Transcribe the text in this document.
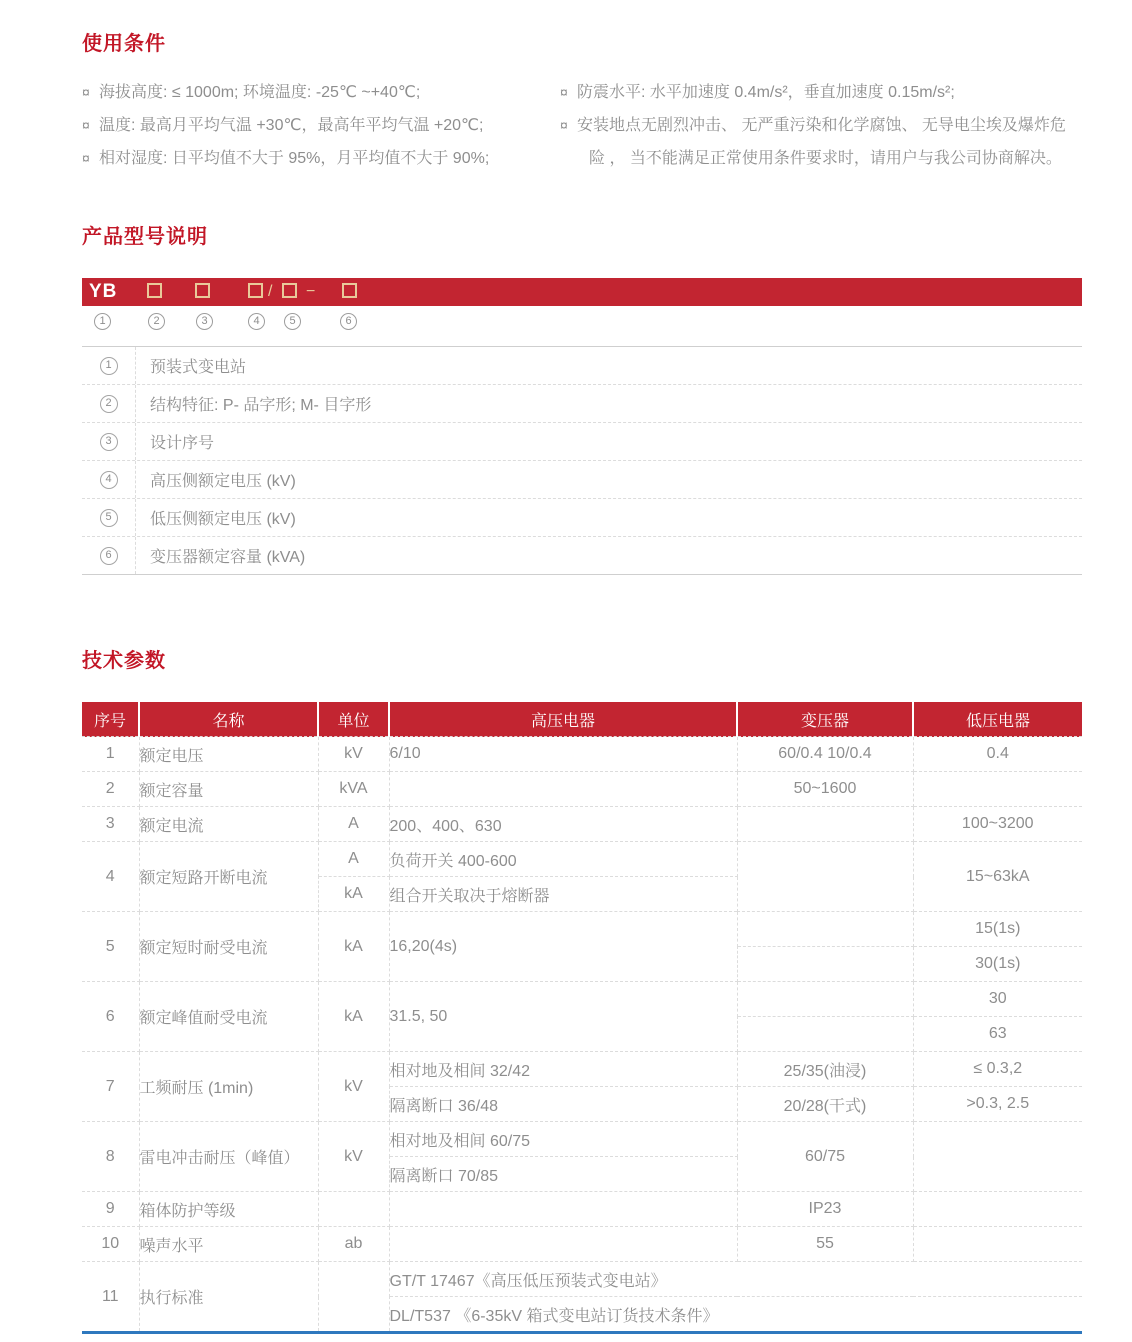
使用条件
¤ 海拔高度: ≤ 1000m; 环境温度: -25℃ ~+40℃;
¤ 温度: 最高月平均气温 +30℃，最高年平均气温 +20℃;
¤ 相对湿度: 日平均值不大于 95%，月平均值不大于 90%;
¤ 防震水平: 水平加速度 0.4m/s²，垂直加速度 0.15m/s²;
¤ 安装地点无剧烈冲击、 无严重污染和化学腐蚀、 无导电尘埃及爆炸危
险 ， 当不能满足正常使用条件要求时，请用户与我公司协商解决。
产品型号说明
YB	/ −
1	2	3	4	5	6
1	预装式变电站
2	结构特征: P- 品字形; M- 目字形
3	设计序号
4	高压侧额定电压 (kV)
5	低压侧额定电压 (kV)
6	变压器额定容量 (kVA)
技术参数
序号	名称	单位	高压电器	变压器	低压电器
1	额定电压	kV	6/10	60/0.4 10/0.4	0.4
2	额定容量	kVA		50~1600	
3	额定电流	A	200、400、630		100~3200
4	额定短路开断电流	A	负荷开关 400-600		15~63kA
		kA	组合开关取决于熔断器		
5	额定短时耐受电流	kA	16,20(4s)		15(1s)
					30(1s)
6	额定峰值耐受电流	kA	31.5, 50		30
					63
7	工频耐压 (1min)	kV	相对地及相间 32/42	25/35(油浸)	≤ 0.3,2
			隔离断口 36/48	20/28(干式)	>0.3, 2.5
8	雷电冲击耐压（峰值）	kV	相对地及相间 60/75	60/75	
			隔离断口 70/85		
9	箱体防护等级			IP23	
10	噪声水平	ab		55	
11	执行标准		GT/T 17467《高压低压预装式变电站》		
			DL/T537 《6-35kV 箱式变电站订货技术条件》		
